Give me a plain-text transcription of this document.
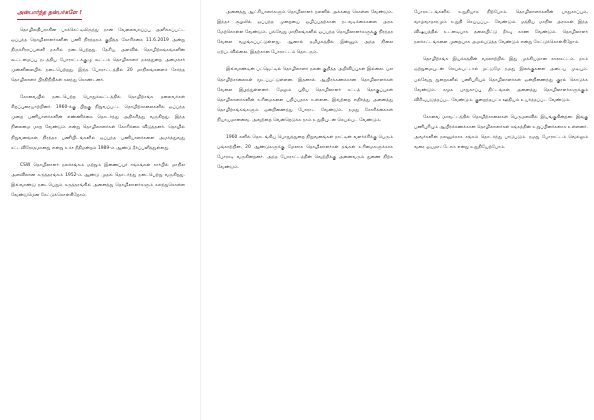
அன்பார்ந்த தன்பர்களே !

தொழிலதிபராகின பாக்கெட்டிலிருந்து நான் வேலைவாய்ப்பு அளிக்கப்பட்ட ஒப்பந்த தொழிலாளர்களின் பணி நிரந்தரம் குறித்த கோரிக்கை 11.6.2019 அன்று திருச்சிராப்பள்ளி நகரில் நடைபெற்றது. தேசிய அளவில் தொழிற்சங்கங்களின் கூட்டமைப்பு நடத்திய போராட்டக்குழு கூட்டம் தொழிலாளர் நலத்துறை அமைச்சர் முன்னிலையில் நடைபெற்றது. இந்த போராட்டத்தில் 20 மாநிலங்களைச் சேர்ந்த தொழிலாளர் பிரதிநிதிகள் கலந்து கொண்டனர்.

கோவையில் நடைபெற்ற பொதுக்கூட்டத்தில் தொழிற்சங்க தலைவர்கள் சிறப்புரையாற்றினர். 1960-க்கு பிறகு நிறுவப்பட்ட தொழிற்சாலைகளில் ஒப்பந்த முறை பணியாளர்களின் எண்ணிக்கை தொடர்ந்து அதிகரித்து வருகிறது. இந்த நிலைமை மாற வேண்டும் என்று தொழிலாளர்கள் கோரிக்கை விடுத்தனர். தொழில் நிறுவனங்கள் நிரந்தர பணியிடங்களில் ஒப்பந்த பணியாளர்களை அமர்த்துவது சட்டவிரோதமானது என்று உச்ச நீதிமன்றம் 1989-ம் ஆண்டு தீர்ப்பளித்துள்ளது.

CSW தொழிலாளர் நலச்சங்கம் மற்றும் இணைப்புச் சங்கங்கள் சார்பில் மாநில அளவிலான கருத்தரங்கம் 1952-ம் ஆண்டு முதல் தொடர்ந்து நடைபெற்று வருகிறது. இவ்வாண்டு நடைபெறும் கருத்தரங்கில் அனைத்து தொழிலாளர்களும் கலந்துகொள்ள வேண்டுமென கேட்டுக்கொள்கிறோம்.

அனைத்து ஆட்சியாளர்களும் தொழிலாளர் நலனில் அக்கறை கொள்ள வேண்டும். இந்தச் சூழலில் ஒப்பந்த முறையை ஒழிப்பதற்கான நடவடிக்கைகளை அரசு மேற்கொள்ள வேண்டும். பல்வேறு மாநிலங்களில் ஒப்பந்த தொழிலாளர்களுக்கு நிரந்தர வேலை வழங்கப்பட்டுள்ளது. ஆனால் தமிழகத்தில் இன்னும் அந்த நிலை ஏற்படவில்லை. இதற்கான போராட்டம் தொடரும்.

இவ்வாண்டின் பட்ஜெட்டில் தொழிலாளர் நலன் குறித்த அறிவிப்புகள் இல்லை. பல தொழிற்சாலைகள் மூடப்பட்டுள்ளன. இதனால் ஆயிரக்கணக்கான தொழிலாளர்கள் வேலை இழந்துள்ளனர். மேலும் புதிய தொழிலாளர் சட்டத் தொகுப்புகள் தொழிலாளர்களின் உரிமைகளை பறிப்பதாக உள்ளன. இவற்றை எதிர்த்து அனைத்து தொழிற்சங்கங்களும் ஒன்றிணைந்து போராட வேண்டும். நமது கோரிக்கைகள் நியாயமானவை. அவற்றை வென்றெடுக்க நாம் உறுதியுடன் செயல்பட வேண்டும்.

1960 களில் தொடங்கிய பொதுத்துறை நிறுவனங்கள் நாட்டின் வளர்ச்சிக்கு பெரும் பங்காற்றின. 20 ஆண்டுகளுக்கு மேலாக தொழிலாளர்கள் தங்கள் உரிமைகளுக்காக போராடி வருகின்றனர். அந்த போராட்டத்தின் வெற்றிக்கு அனைவரும் துணை நிற்க வேண்டும்.

போராட்டங்களில் உறுதியாக நிற்போம். தொழிலாளர்களின் பாதுகாப்பும், வாழ்வாதாரமும் உறுதி செய்யப்பட வேண்டும். மத்திய மாநில அரசுகள் இந்த விஷயத்தில் உடனடியாக தலையிட்டு தீர்வு காண வேண்டும். தொழிலாளர் நலச்சட்டங்களை முறையாக அமல்படுத்த வேண்டும் என்று கேட்டுக்கொள்கிறோம்.

தொழிற்சங்க இயக்கத்தின் வரலாற்றில் இது முக்கியமான காலகட்டம். நாம் ஒற்றுமையுடன் செயல்பட்டால் மட்டுமே நமது இலக்குகளை அடைய முடியும். பல்வேறு துறைகளில் பணிபுரியும் தொழிலாளர்கள் ஒன்றிணைந்து குரல் கொடுக்க வேண்டும். சமூக பாதுகாப்பு திட்டங்கள் அனைத்து தொழிலாளர்களுக்கும் விரிவுபடுத்தப்பட வேண்டும். குறைந்தபட்ச ஊதியம் உயர்த்தப்பட வேண்டும்.

கோவை மாவட்டத்தில் தொழிற்சாலைகள் பெருமளவில் இயங்குகின்றன. இங்கு பணிபுரியும் ஆயிரக்கணக்கான தொழிலாளர்கள் சங்கத்தின் உறுப்பினர்களாக உள்ளனர். அவர்களின் நலனுக்காக சங்கம் தொடர்ந்து பாடுபடும். நமது போராட்டம் வெல்லும் வரை ஓயமாட்டோம் என்று உறுதியேற்போம்.
